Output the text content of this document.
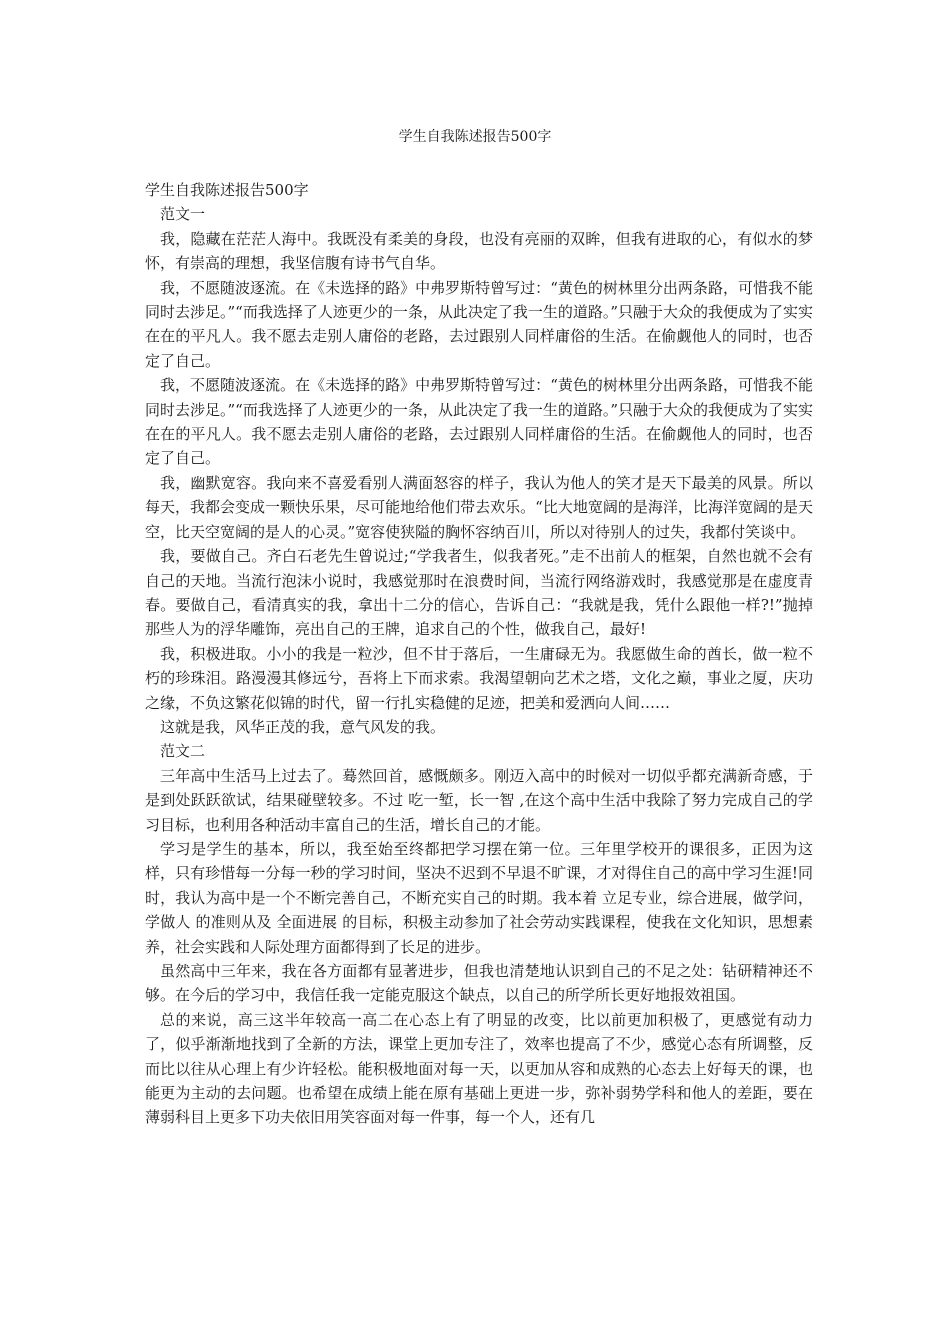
学生自我陈述报告500字

学生自我陈述报告500字

范文一

我，隐藏在茫茫人海中。我既没有柔美的身段，也没有亮丽的双眸，但我有进取的心，有似水的梦怀，有崇高的理想，我坚信腹有诗书气自华。

我，不愿随波逐流。在《未选择的路》中弗罗斯特曾写过：“黄色的树林里分出两条路，可惜我不能同时去涉足。”“而我选择了人迹更少的一条，从此决定了我一生的道路。”只融于大众的我便成为了实实在在的平凡人。我不愿去走别人庸俗的老路，去过跟别人同样庸俗的生活。在偷觑他人的同时，也否定了自己。

我，不愿随波逐流。在《未选择的路》中弗罗斯特曾写过：“黄色的树林里分出两条路，可惜我不能同时去涉足。”“而我选择了人迹更少的一条，从此决定了我一生的道路。”只融于大众的我便成为了实实在在的平凡人。我不愿去走别人庸俗的老路，去过跟别人同样庸俗的生活。在偷觑他人的同时，也否定了自己。

我，幽默宽容。我向来不喜爱看别人满面怒容的样子，我认为他人的笑才是天下最美的风景。所以每天，我都会变成一颗快乐果，尽可能地给他们带去欢乐。“比大地宽阔的是海洋，比海洋宽阔的是天空，比天空宽阔的是人的心灵。”宽容使狭隘的胸怀容纳百川，所以对待别人的过失，我都付笑谈中。

我，要做自己。齐白石老先生曾说过;“学我者生，似我者死。”走不出前人的框架，自然也就不会有自己的天地。当流行泡沫小说时，我感觉那时在浪费时间，当流行网络游戏时，我感觉那是在虚度青春。要做自己，看清真实的我，拿出十二分的信心，告诉自己：“我就是我，凭什么跟他一样?!”抛掉那些人为的浮华雕饰，亮出自己的王牌，追求自己的个性，做我自己，最好!

我，积极进取。小小的我是一粒沙，但不甘于落后，一生庸碌无为。我愿做生命的酋长，做一粒不朽的珍珠泪。路漫漫其修远兮，吾将上下而求索。我渴望朝向艺术之塔，文化之巅，事业之厦，庆功之缘，不负这繁花似锦的时代，留一行扎实稳健的足迹，把美和爱洒向人间……

这就是我，风华正茂的我，意气风发的我。

范文二

三年高中生活马上过去了。蓦然回首，感慨颇多。刚迈入高中的时候对一切似乎都充满新奇感，于是到处跃跃欲试，结果碰壁较多。不过 吃一堑，长一智 ,在这个高中生活中我除了努力完成自己的学习目标，也利用各种活动丰富自己的生活，增长自己的才能。

学习是学生的基本，所以，我至始至终都把学习摆在第一位。三年里学校开的课很多，正因为这样，只有珍惜每一分每一秒的学习时间，坚决不迟到不早退不旷课，才对得住自己的高中学习生涯!同时，我认为高中是一个不断完善自己，不断充实自己的时期。我本着 立足专业，综合进展，做学问，学做人 的准则从及 全面进展 的目标，积极主动参加了社会劳动实践课程，使我在文化知识，思想素养，社会实践和人际处理方面都得到了长足的进步。

虽然高中三年来，我在各方面都有显著进步，但我也清楚地认识到自己的不足之处：钻研精神还不够。在今后的学习中，我信任我一定能克服这个缺点，以自己的所学所长更好地报效祖国。

总的来说，高三这半年较高一高二在心态上有了明显的改变，比以前更加积极了，更感觉有动力了，似乎渐渐地找到了全新的方法，课堂上更加专注了，效率也提高了不少，感觉心态有所调整，反而比以往从心理上有少许轻松。能积极地面对每一天，以更加从容和成熟的心态去上好每天的课，也能更为主动的去问题。也希望在成绩上能在原有基础上更进一步，弥补弱势学科和他人的差距，要在薄弱科目上更多下功夫依旧用笑容面对每一件事，每一个人，还有几
